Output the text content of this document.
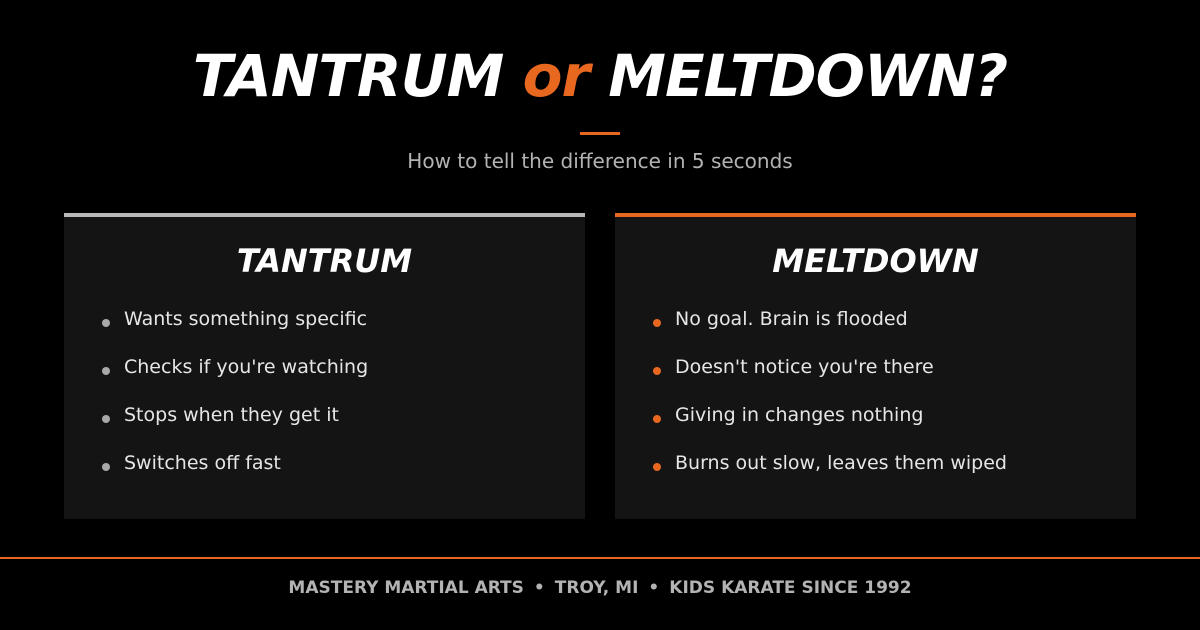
TANTRUM or MELTDOWN?
How to tell the difference in 5 seconds
TANTRUM
Wants something specific
Checks if you're watching
Stops when they get it
Switches off fast
MELTDOWN
No goal. Brain is flooded
Doesn't notice you're there
Giving in changes nothing
Burns out slow, leaves them wiped
MASTERY MARTIAL ARTS • TROY, MI • KIDS KARATE SINCE 1992
